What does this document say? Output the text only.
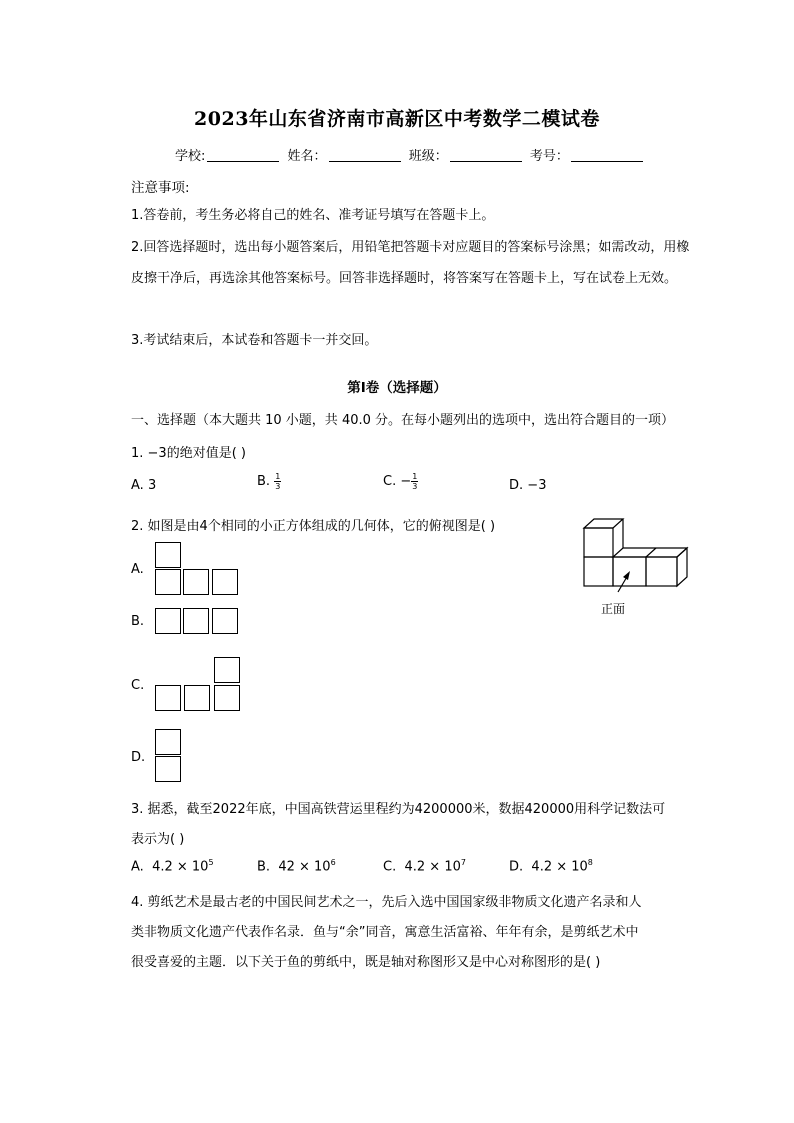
2023年山东省济南市高新区中考数学二模试卷
学校:	姓名：	班级：	考号：
注意事项:
1.答卷前，考生务必将自己的姓名、准考证号填写在答题卡上。
2.回答选择题时，选出每小题答案后，用铅笔把答题卡对应题目的答案标号涂黑；如需改动，用橡皮擦干净后，再选涂其他答案标号。回答非选择题时，将答案写在答题卡上，写在试卷上无效。
3.考试结束后，本试卷和答题卡一并交回。
第Ⅰ卷（选择题）
一、选择题（本大题共 10 小题，共 40.0 分。在每小题列出的选项中，选出符合题目的一项）
1. −3的绝对值是( )
A. 3	B. $\frac{1}{3}$	C. − $\frac{1}{3}$	D. −3
2. 如图是由4个相同的小正方体组成的几何体，它的俯视图是( )
A.
B.
C.
D.
正面
3. 据悉，截至2022年底，中国高铁营运里程约为4200000米，数据420000用科学记数法可
表示为( )
A. $4.2 \times 10^5$	B. $42 \times 10^6$	C. $4.2 \times 10^7$	D. $4.2 \times 10^8$
4. 剪纸艺术是最古老的中国民间艺术之一，先后入选中国国家级非物质文化遗产名录和人
类非物质文化遗产代表作名录．鱼与“余”同音，寓意生活富裕、年年有余，是剪纸艺术中
很受喜爱的主题．以下关于鱼的剪纸中，既是轴对称图形又是中心对称图形的是( )
